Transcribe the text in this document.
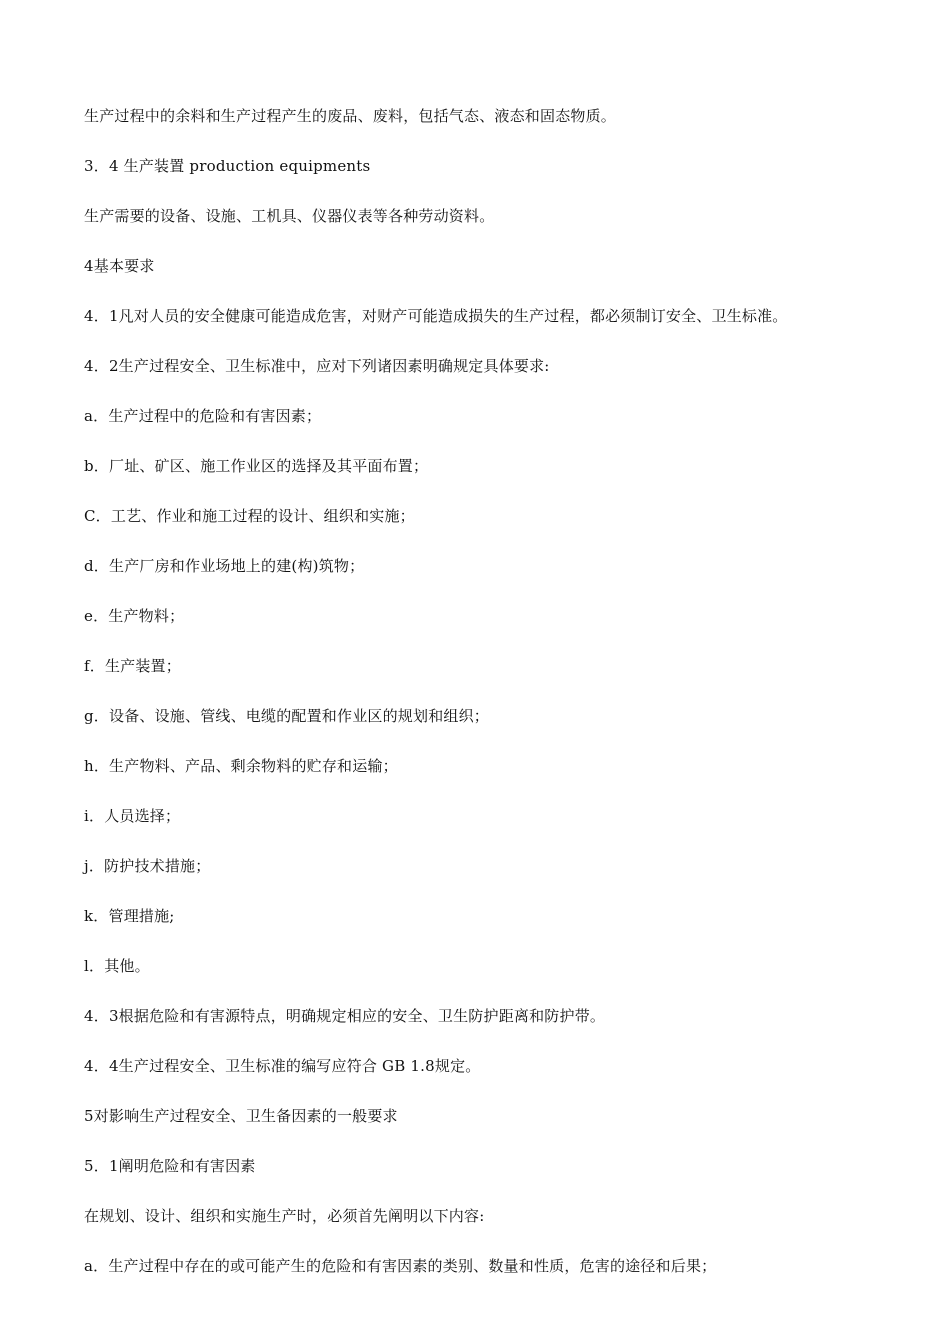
生产过程中的余料和生产过程产生的废品、废料，包括气态、液态和固态物质。

3．4 生产装置 production equipments

生产需要的设备、设施、工机具、仪器仪表等各种劳动资料。

4基本要求

4．1凡对人员的安全健康可能造成危害，对财产可能造成损失的生产过程，都必须制订安全、卫生标准。

4．2生产过程安全、卫生标准中，应对下列诸因素明确规定具体要求:

a．生产过程中的危险和有害因素；

b．厂址、矿区、施工作业区的选择及其平面布置；

C．工艺、作业和施工过程的设计、组织和实施；

d．生产厂房和作业场地上的建(构)筑物；

e．生产物料；

f．生产装置；

g．设备、设施、管线、电缆的配置和作业区的规划和组织；

h．生产物料、产品、剩余物料的贮存和运输；

i．人员选择；

j．防护技术措施；

k．管理措施;

l．其他。

4．3根据危险和有害源特点，明确规定相应的安全、卫生防护距离和防护带。

4．4生产过程安全、卫生标准的编写应符合 GB 1.8规定。

5对影响生产过程安全、卫生备因素的一般要求

5．1阐明危险和有害因素

在规划、设计、组织和实施生产时，必须首先阐明以下内容:

a．生产过程中存在的或可能产生的危险和有害因素的类别、数量和性质，危害的途径和后果；
